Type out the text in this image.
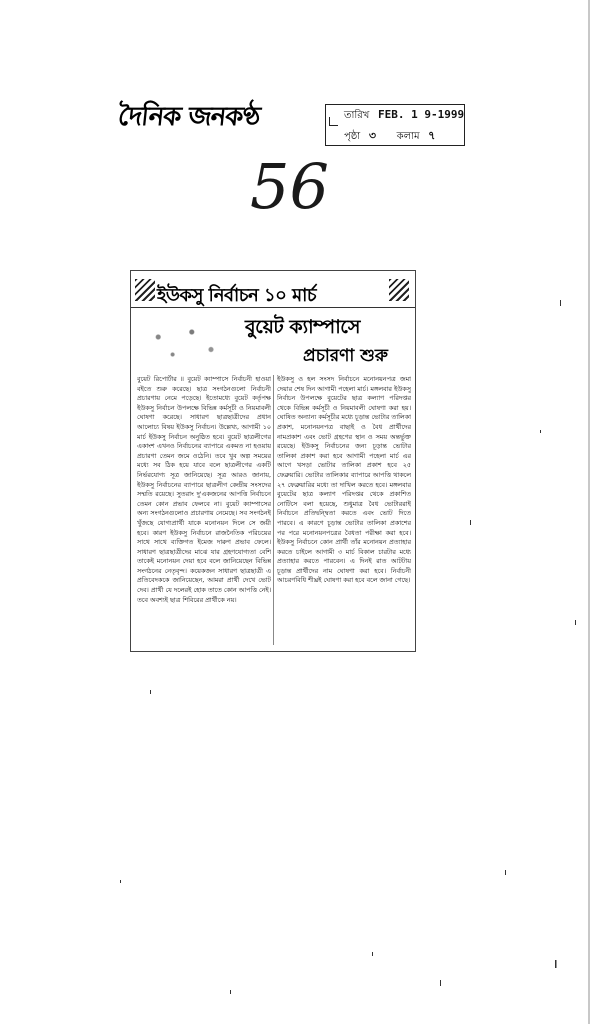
দৈনিক জনকণ্ঠ	তারিখ FEB. 1 9-1999
পৃষ্ঠা ৩ কলাম ৭
56
ইউকসু নির্বাচন ১০ মার্চ
বুয়েট ক্যাম্পাসে
প্রচারণা শুরু

বুয়েট রিপোর্টার ॥ বুয়েট ক্যাম্পাসে নির্বাচনী হাওয়া বইতে শুরু করেছে। ছাত্র সংগঠনগুলো নির্বাচনী প্রচারণায় নেমে পড়েছে। ইতোমধ্যে বুয়েট কর্তৃপক্ষ ইউকসু নির্বাচন উপলক্ষে বিভিন্ন কর্মসূচী ও নিয়মাবলী ঘোষণা করেছে। সাধারণ ছাত্রছাত্রীদের প্রধান আলোচ্য বিষয় ইউকসু নির্বাচন। উল্লেখ্য, আগামী ১০ মার্চ ইউকসু নির্বাচন অনুষ্ঠিত হবে। বুয়েট ছাত্রলীগের একাংশ এখনও নির্বাচনের ব্যাপারে একমত না হওয়ায় প্রচারণা তেমন জমে ওঠেনি। তবে খুব অল্প সময়ের মধ্যে সব ঠিক হয়ে যাবে বলে ছাত্রলীগের একটি নির্ভরযোগ্য সূত্র জানিয়েছে। সূত্র আরও জানায়, ইউকসু নির্বাচনের ব্যাপারে ছাত্রলীগ কেন্দ্রীয় সংসদের সম্মতি রয়েছে। সুতরাং দু'একজনের আপত্তি নির্বাচনে তেমন কোন প্রভাব ফেলবে না। বুয়েট ক্যাম্পাসের অন্য সংগঠনগুলোও প্রচারণায় নেমেছে। সব সংগঠনই খুঁজছে যোগ্যপ্রার্থী যাকে মনোনয়ন দিলে সে জয়ী হবে। কারণ ইউকসু নির্বাচনে রাজনৈতিক পরিচয়ের সাথে সাথে ব্যক্তিগত ইমেজ দারুণ প্রভাব ফেলে। সাধারণ ছাত্রছাত্রীদের মাঝে যার গ্রহণযোগ্যতা বেশি তাকেই মনোনয়ন দেয়া হবে বলে জানিয়েছেন বিভিন্ন সংগঠনের নেতৃবৃন্দ। কয়েকজন সাধারণ ছাত্রছাত্রী এ প্রতিবেদককে জানিয়েছেন, আমরা প্রার্থী দেখে ভোট দেব। প্রার্থী যে দলেরই হোক তাতে কোন আপত্তি নেই। তবে অবশ্যই ছাত্র শিবিরের প্রার্থীকে নয়।

ইউকসু ও হল সংসদ নির্বাচনে মনোনয়নপত্র জমা দেয়ার শেষ দিন আগামী পহেলা মার্চ। মঙ্গলবার ইউকসু নির্বাচন উপলক্ষে বুয়েটের ছাত্র কল্যাণ পরিদপ্তর থেকে বিভিন্ন কর্মসূচী ও নিয়মাবলী ঘোষণা করা হয়। ঘোষিত অন্যান্য কর্মসূচীর মধ্যে চূড়ান্ত ভোটার তালিকা প্রকাশ, মনোনয়নপত্র বাছাই ও বৈধ প্রার্থীদের নামপ্রকাশ এবং ভোট গ্রহণের স্থান ও সময় অন্তর্ভুক্ত রয়েছে। ইউকসু নির্বাচনের জন্য চূড়ান্ত ভোটার তালিকা প্রকাশ করা হবে আগামী পহেলা মার্চ এর আগে খসড়া ভোটার তালিকা প্রকাশ হবে ২৫ ফেব্রুয়ারি। ভোটার তালিকার ব্যাপারে আপত্তি থাকলে ২৭ ফেব্রুয়ারির মধ্যে তা দাখিল করতে হবে। মঙ্গলবার বুয়েটের ছাত্র কল্যাণ পরিদপ্তর থেকে প্রকাশিত নোটিসে বলা হয়েছে, শুধুমাত্র বৈধ ভোটাররাই নির্বাচনে প্রতিদ্বন্দ্বিতা করতে এবং ভোট দিতে পারবে। এ কারণে চূড়ান্ত ভোটার তালিকা প্রকাশের পর পরে মনোনয়নপত্রের বৈধতা পরীক্ষা করা হবে। ইউকসু নির্বাচনে কোন প্রার্থী তাঁর মনোনয়ন প্রত্যাহার করতে চাইলে আগামী ৩ মার্চ বিকাল চারটার মধ্যে প্রত্যাহার করতে পারবেন। এ দিনই রাত আটটায় চূড়ান্ত প্রার্থীদের নাম ঘোষণা করা হবে। নির্বাচনী আচরণবিধি শীঘ্রই ঘোষণা করা হবে বলে জানা গেছে।
